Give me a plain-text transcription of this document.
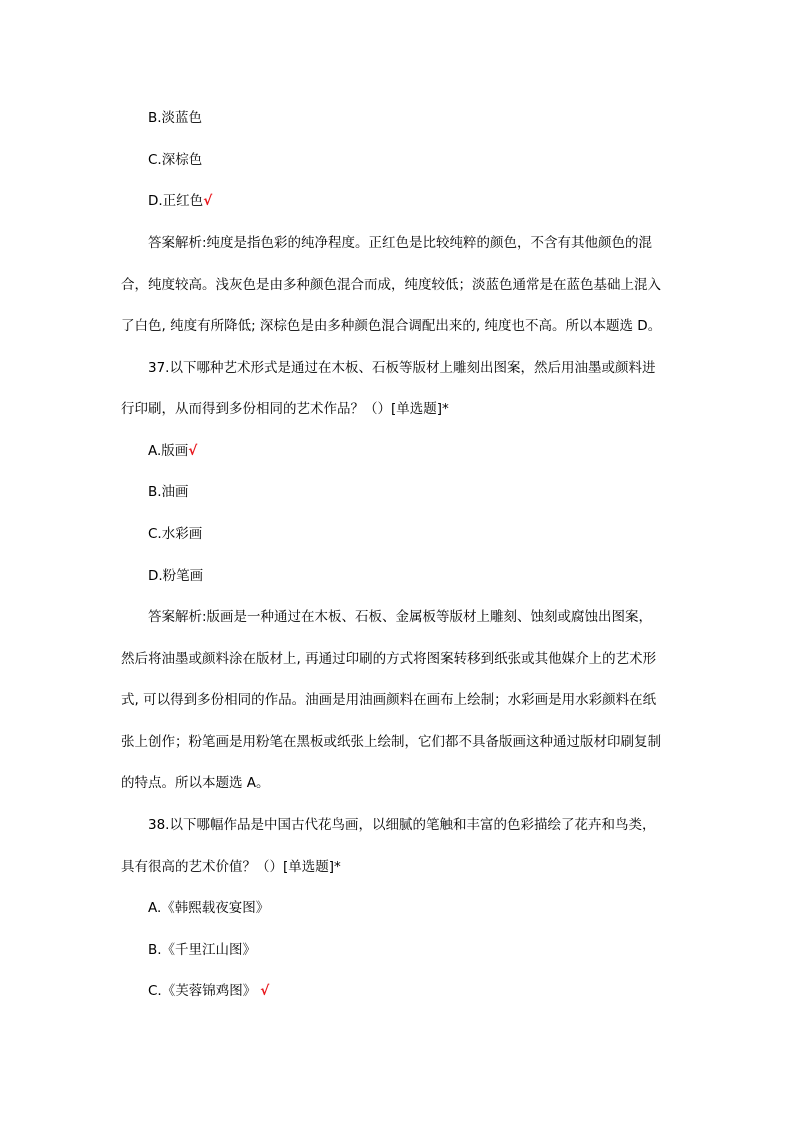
B.淡蓝色
C.深棕色
D.正红色√
答案解析:纯度是指色彩的纯净程度。正红色是比较纯粹的颜色，不含有其他颜色的混
合，纯度较高。浅灰色是由多种颜色混合而成，纯度较低；淡蓝色通常是在蓝色基础上混入
了白色, 纯度有所降低; 深棕色是由多种颜色混合调配出来的, 纯度也不高。所以本题选 D。
37.以下哪种艺术形式是通过在木板、石板等版材上雕刻出图案，然后用油墨或颜料进
行印刷，从而得到多份相同的艺术作品？（）[单选题]*
A.版画√
B.油画
C.水彩画
D.粉笔画
答案解析:版画是一种通过在木板、石板、金属板等版材上雕刻、蚀刻或腐蚀出图案，
然后将油墨或颜料涂在版材上, 再通过印刷的方式将图案转移到纸张或其他媒介上的艺术形
式, 可以得到多份相同的作品。油画是用油画颜料在画布上绘制；水彩画是用水彩颜料在纸
张上创作；粉笔画是用粉笔在黑板或纸张上绘制，它们都不具备版画这种通过版材印刷复制
的特点。所以本题选 A。
38.以下哪幅作品是中国古代花鸟画，以细腻的笔触和丰富的色彩描绘了花卉和鸟类，
具有很高的艺术价值？（）[单选题]*
A.《韩熙载夜宴图》
B.《千里江山图》
C.《芙蓉锦鸡图》 √
